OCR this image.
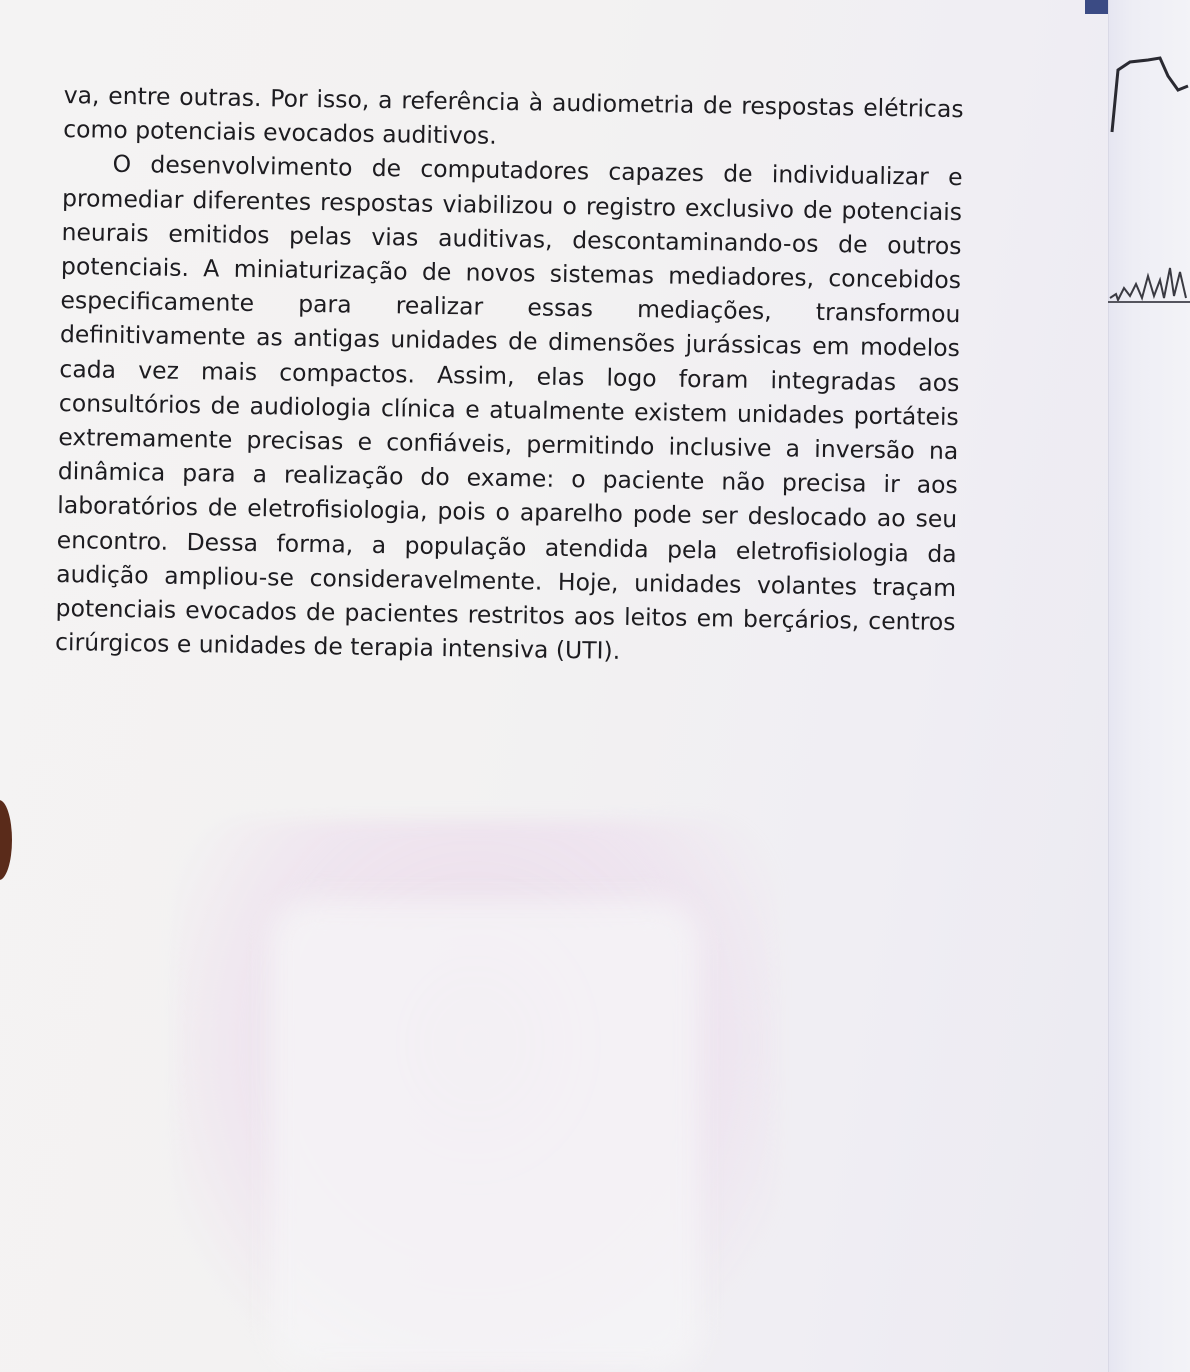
va, entre outras. Por isso, a referência à audiometria de respostas elétricas como potenciais evocados auditivos.

O desenvolvimento de computadores capazes de individualizar e promediar diferentes respostas viabilizou o registro exclusivo de potenciais neurais emitidos pelas vias auditivas, descontaminando-os de outros potenciais. A miniaturização de novos sistemas mediadores, concebidos especificamente para realizar essas mediações, transformou definitivamente as antigas unidades de dimensões jurássicas em modelos cada vez mais compactos. Assim, elas logo foram integradas aos consultórios de audiologia clínica e atualmente existem unidades portáteis extremamente precisas e confiáveis, permitindo inclusive a inversão na dinâmica para a realização do exame: o paciente não precisa ir aos laboratórios de eletrofisiologia, pois o aparelho pode ser deslocado ao seu encontro. Dessa forma, a população atendida pela eletrofisiologia da audição ampliou-se consideravelmente. Hoje, unidades volantes traçam potenciais evocados de pacientes restritos aos leitos em berçários, centros cirúrgicos e unidades de terapia intensiva (UTI).
